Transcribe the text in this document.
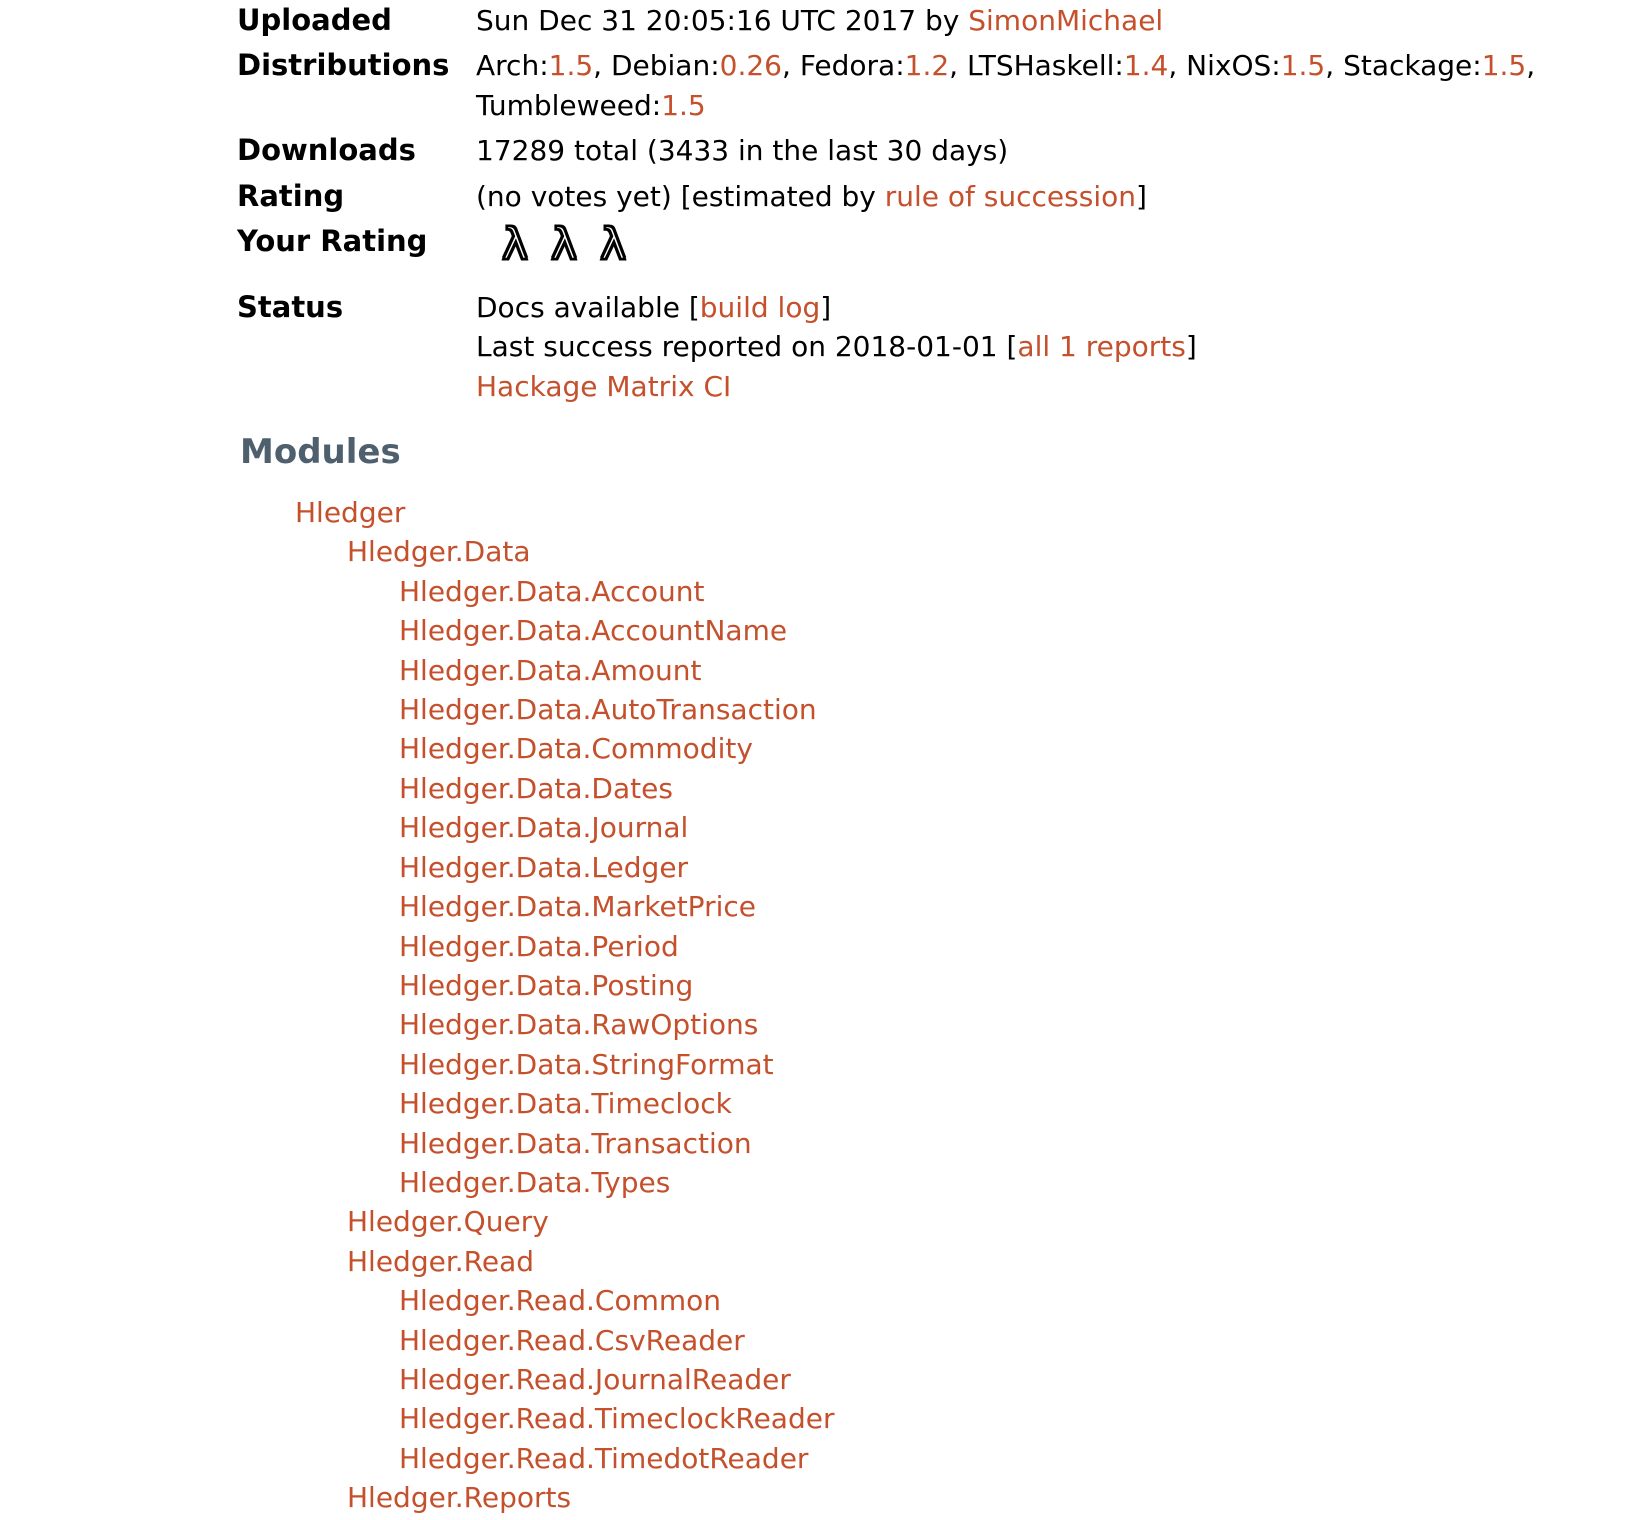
Uploaded	Sun Dec 31 20:05:16 UTC 2017 by SimonMichael
Distributions	Arch:1.5, Debian:0.26, Fedora:1.2, LTSHaskell:1.4, NixOS:1.5, Stackage:1.5,
Tumbleweed:1.5

Downloads	17289 total (3433 in the last 30 days)
Rating	(no votes yet) [estimated by rule of succession]
Your Rating	λ λ λ
Status	Docs available [build log]
Last success reported on 2018-01-01 [all 1 reports]
Hackage Matrix CI
Modules
Hledger
Hledger.Data
Hledger.Data.Account
Hledger.Data.AccountName
Hledger.Data.Amount
Hledger.Data.AutoTransaction
Hledger.Data.Commodity
Hledger.Data.Dates
Hledger.Data.Journal
Hledger.Data.Ledger
Hledger.Data.MarketPrice
Hledger.Data.Period
Hledger.Data.Posting
Hledger.Data.RawOptions
Hledger.Data.StringFormat
Hledger.Data.Timeclock
Hledger.Data.Transaction
Hledger.Data.Types
Hledger.Query
Hledger.Read
Hledger.Read.Common
Hledger.Read.CsvReader
Hledger.Read.JournalReader
Hledger.Read.TimeclockReader
Hledger.Read.TimedotReader
Hledger.Reports
